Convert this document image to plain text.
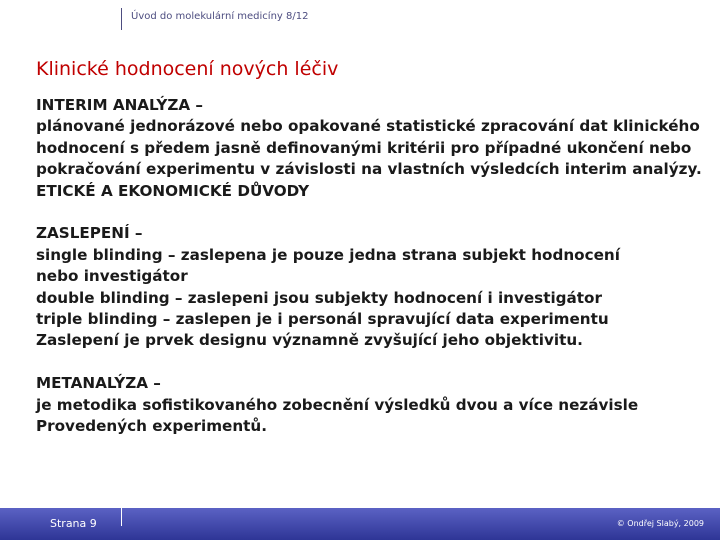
Úvod do molekulární medicíny 8/12
Klinické hodnocení nových léčiv
INTERIM ANALÝZA –
plánované jednorázové nebo opakované statistické zpracování dat klinického
hodnocení s předem jasně definovanými kritérii pro případné ukončení nebo
pokračování experimentu v závislosti na vlastních výsledcích interim analýzy.
ETICKÉ A EKONOMICKÉ DŮVODY
ZASLEPENÍ –
single blinding – zaslepena je pouze jedna strana subjekt hodnocení
nebo investigátor
double blinding – zaslepeni jsou subjekty hodnocení i investigátor
triple blinding – zaslepen je i personál spravující data experimentu
Zaslepení je prvek designu významně zvyšující jeho objektivitu.
METANALÝZA –
je metodika sofistikovaného zobecnění výsledků dvou a více nezávisle
Provedených experimentů.
Strana 9	© Ondřej Slabý, 2009
